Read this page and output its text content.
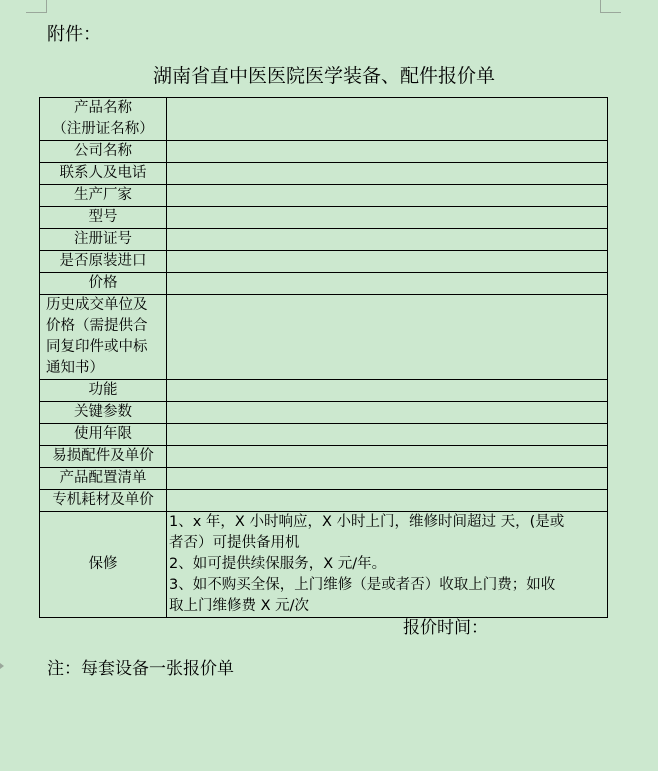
附件：
湖南省直中医医院医学装备、配件报价单
产品名称
（注册证名称）	

公司名称	

联系人及电话	

生产厂家	

型号	

注册证号	

是否原装进口	

价格	

历史成交单位及
价格（需提供合
同复印件或中标
通知书）	

功能	

关键参数	

使用年限	

易损配件及单价	

产品配置清单	

专机耗材及单价	

保修	1、x 年，X 小时响应，X 小时上门，维修时间超过 天，(是或
者否）可提供备用机
2、如可提供续保服务，X 元/年。
3、如不购买全保，上门维修（是或者否）收取上门费；如收
取上门维修费 X 元/次
报价时间：
注：每套设备一张报价单
